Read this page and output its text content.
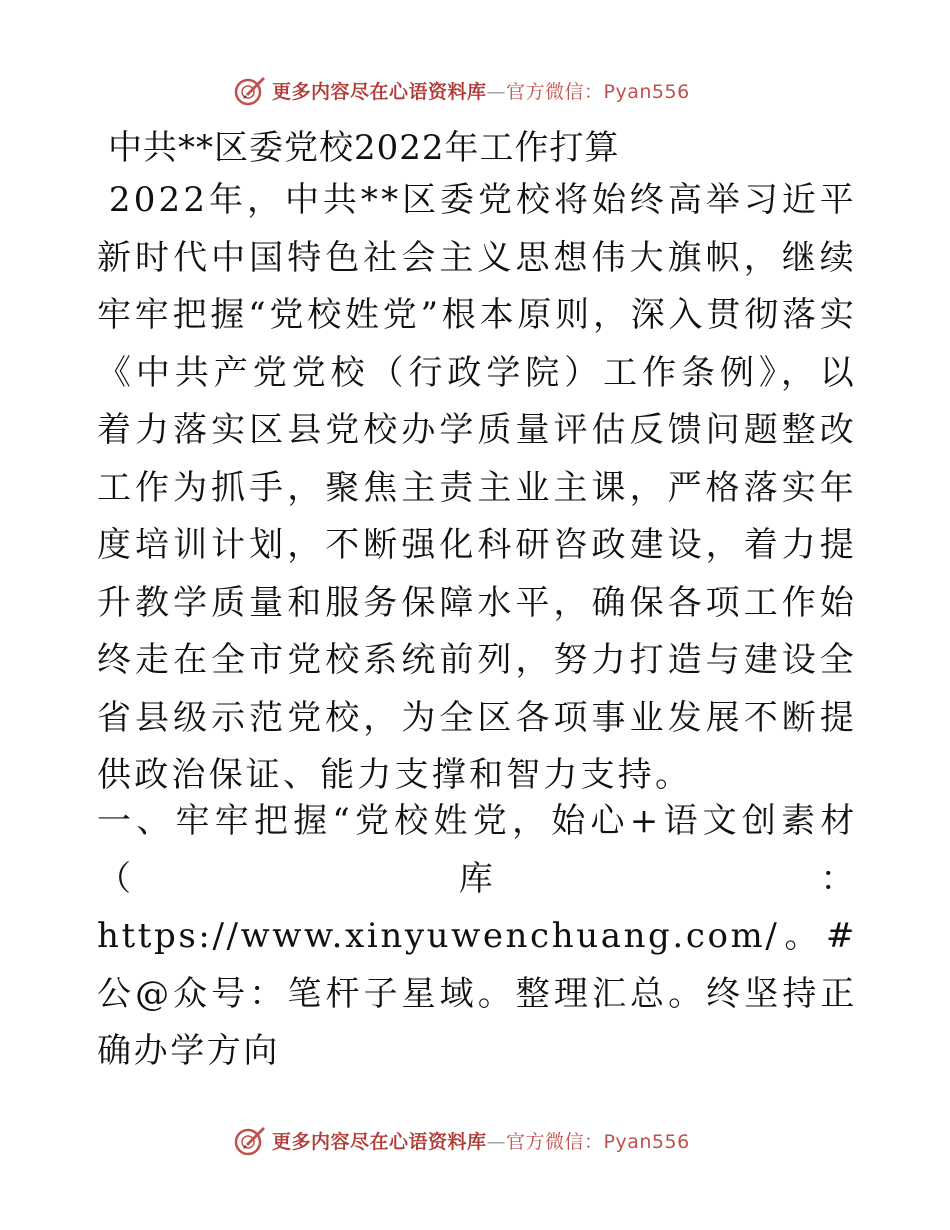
更多内容尽在心语资料库—官方微信：Pyan556
中共**区委党校2022年工作打算

2022年，中共**区委党校将始终高举习近平新时代中国特色社会主义思想伟大旗帜，继续牢牢把握“党校姓党”根本原则，深入贯彻落实《中共产党党校（行政学院）工作条例》，以着力落实区县党校办学质量评估反馈问题整改工作为抓手，聚焦主责主业主课，严格落实年度培训计划，不断强化科研咨政建设，着力提升教学质量和服务保障水平，确保各项工作始终走在全市党校系统前列，努力打造与建设全省县级示范党校，为全区各项事业发展不断提供政治保证、能力支撑和智力支持。

一、牢牢把握“党校姓党，始心+语文创素材（库：https://www.xinyuwenchuang.com/。#公@众号：笔杆子星域。整理汇总。终坚持正确办学方向

更多内容尽在心语资料库—官方微信：Pyan556
